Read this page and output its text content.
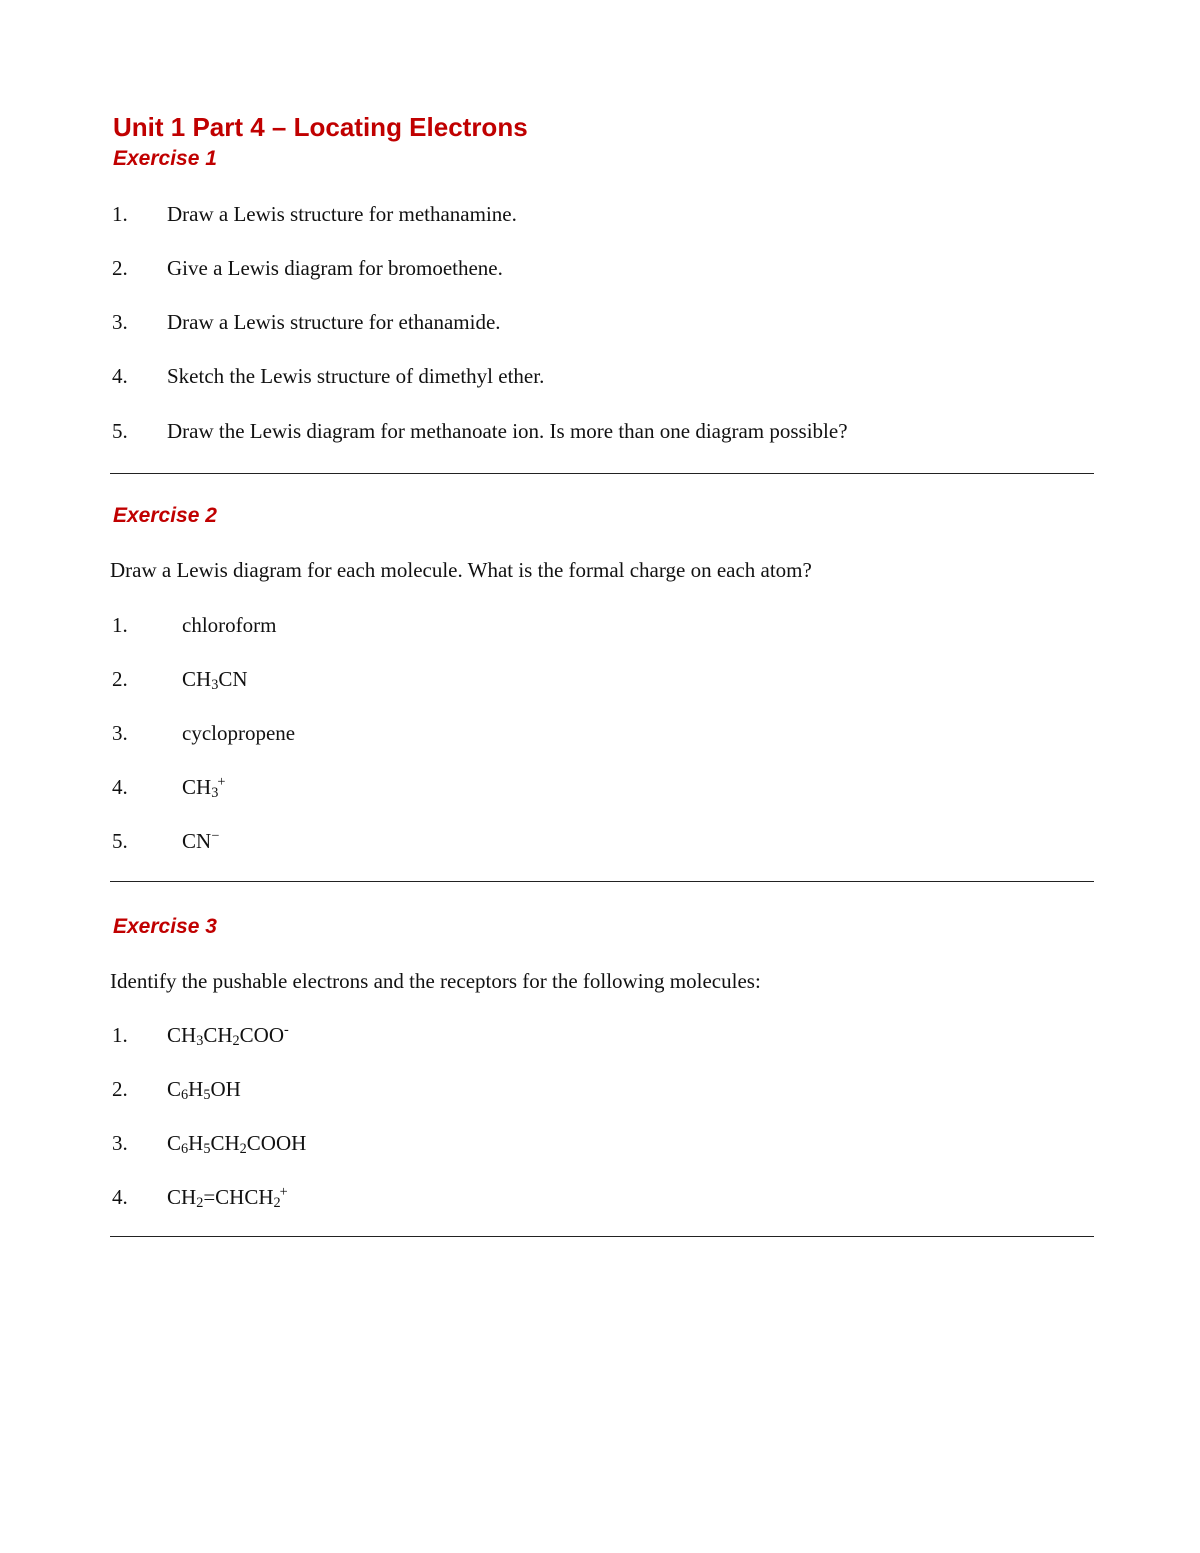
Unit 1 Part 4 – Locating Electrons
Exercise 1
1. Draw a Lewis structure for methanamine.
2. Give a Lewis diagram for bromoethene.
3. Draw a Lewis structure for ethanamide.
4. Sketch the Lewis structure of dimethyl ether.
5. Draw the Lewis diagram for methanoate ion. Is more than one diagram possible?
Exercise 2
Draw a Lewis diagram for each molecule. What is the formal charge on each atom?
1.	chloroform
2.	$CH_3CN$
3.	cyclopropene
4.	$CH_3^+$
5.	CN−
Exercise 3
Identify the pushable electrons and the receptors for the following molecules:
1. $CH_3CH_2COO^-$
2. $C_6H_5OH$
3. $C_6H_5CH_2COOH$
4. $CH_2=CHCH_2^+$
